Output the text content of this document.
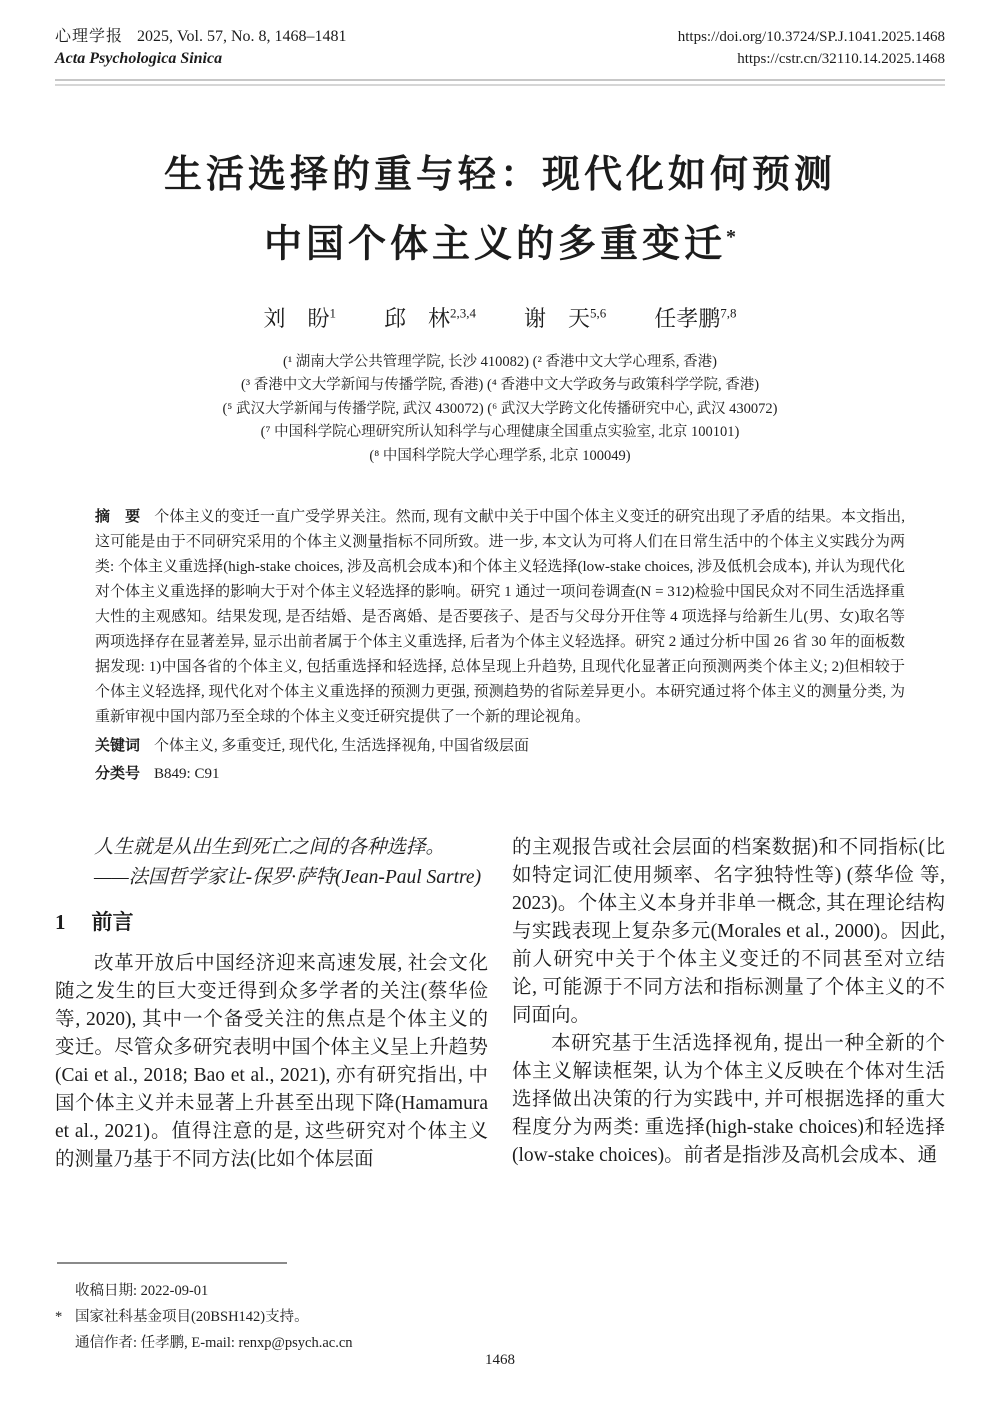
心理学报 2025, Vol. 57, No. 8, 1468–1481
Acta Psychologica Sinica
https://doi.org/10.3724/SP.J.1041.2025.1468
https://cstr.cn/32110.14.2025.1468
生活选择的重与轻：现代化如何预测
中国个体主义的多重变迁*
刘　盼$^1$ 邱　林$^{2,3,4}$ 谢　天$^{5,6}$ 任孝鹏$^{7,8}$
(¹ 湖南大学公共管理学院, 长沙 410082) (² 香港中文大学心理系, 香港)
(³ 香港中文大学新闻与传播学院, 香港) (⁴ 香港中文大学政务与政策科学学院, 香港)
(⁵ 武汉大学新闻与传播学院, 武汉 430072) (⁶ 武汉大学跨文化传播研究中心, 武汉 430072)
(⁷ 中国科学院心理研究所认知科学与心理健康全国重点实验室, 北京 100101)
(⁸ 中国科学院大学心理学系, 北京 100049)
摘　要 个体主义的变迁一直广受学界关注。然而, 现有文献中关于中国个体主义变迁的研究出现了矛盾的结果。本文指出, 这可能是由于不同研究采用的个体主义测量指标不同所致。进一步, 本文认为可将人们在日常生活中的个体主义实践分为两类: 个体主义重选择(high-stake choices, 涉及高机会成本)和个体主义轻选择(low-stake choices, 涉及低机会成本), 并认为现代化对个体主义重选择的影响大于对个体主义轻选择的影响。研究 1 通过一项问卷调查(N = 312)检验中国民众对不同生活选择重大性的主观感知。结果发现, 是否结婚、是否离婚、是否要孩子、是否与父母分开住等 4 项选择与给新生儿(男、女)取名等两项选择存在显著差异, 显示出前者属于个体主义重选择, 后者为个体主义轻选择。研究 2 通过分析中国 26 省 30 年的面板数据发现: 1)中国各省的个体主义, 包括重选择和轻选择, 总体呈现上升趋势, 且现代化显著正向预测两类个体主义; 2)但相较于个体主义轻选择, 现代化对个体主义重选择的预测力更强, 预测趋势的省际差异更小。本研究通过将个体主义的测量分类, 为重新审视中国内部乃至全球的个体主义变迁研究提供了一个新的理论视角。
关键词 个体主义, 多重变迁, 现代化, 生活选择视角, 中国省级层面
分类号 B849: C91
人生就是从出生到死亡之间的各种选择。
——法国哲学家让-保罗·萨特(Jean-Paul Sartre)
1 前言

改革开放后中国经济迎来高速发展, 社会文化随之发生的巨大变迁得到众多学者的关注(蔡华俭 等, 2020), 其中一个备受关注的焦点是个体主义的变迁。尽管众多研究表明中国个体主义呈上升趋势(Cai et al., 2018; Bao et al., 2021), 亦有研究指出, 中国个体主义并未显著上升甚至出现下降(Hamamura et al., 2021)。值得注意的是, 这些研究对个体主义的测量乃基于不同方法(比如个体层面

的主观报告或社会层面的档案数据)和不同指标(比如特定词汇使用频率、名字独特性等) (蔡华俭 等, 2023)。个体主义本身并非单一概念, 其在理论结构与实践表现上复杂多元(Morales et al., 2000)。因此, 前人研究中关于个体主义变迁的不同甚至对立结论, 可能源于不同方法和指标测量了个体主义的不同面向。

本研究基于生活选择视角, 提出一种全新的个体主义解读框架, 认为个体主义反映在个体对生活选择做出决策的行为实践中, 并可根据选择的重大程度分为两类: 重选择(high-stake choices)和轻选择(low-stake choices)。前者是指涉及高机会成本、通

收稿日期: 2022-09-01
* 国家社科基金项目(20BSH142)支持。
通信作者: 任孝鹏, E-mail: renxp@psych.ac.cn
1468
